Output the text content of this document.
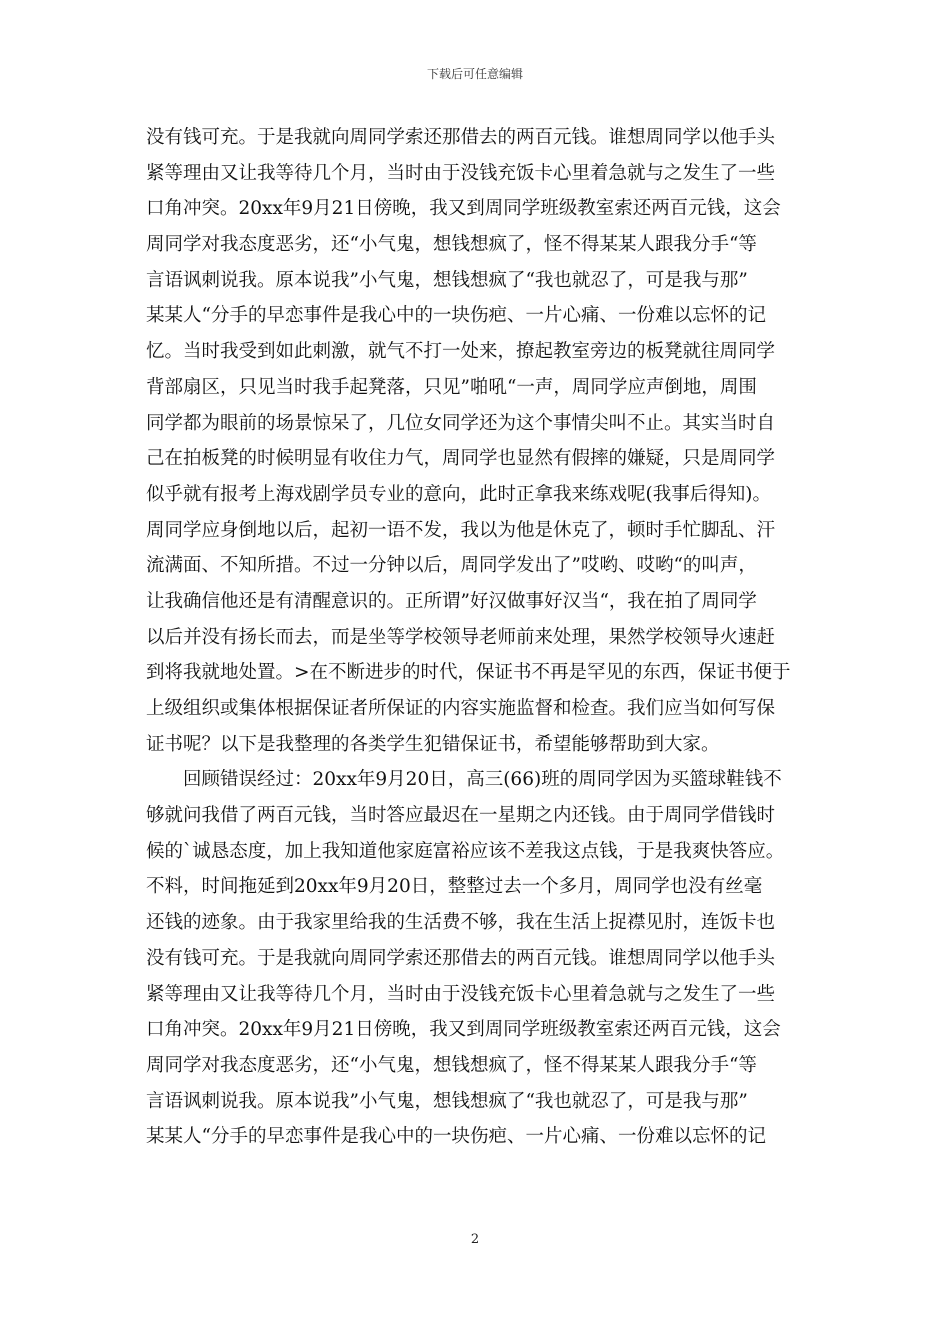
下载后可任意编辑
没有钱可充。于是我就向周同学索还那借去的两百元钱。谁想周同学以他手头
紧等理由又让我等待几个月，当时由于没钱充饭卡心里着急就与之发生了一些
口角冲突。20xx年9月21日傍晚，我又到周同学班级教室索还两百元钱，这会
周同学对我态度恶劣，还“小气鬼，想钱想疯了，怪不得某某人跟我分手“等
言语讽刺说我。原本说我”小气鬼，想钱想疯了“我也就忍了，可是我与那”
某某人“分手的早恋事件是我心中的一块伤疤、一片心痛、一份难以忘怀的记
忆。当时我受到如此刺激，就气不打一处来，撩起教室旁边的板凳就往周同学
背部扇区，只见当时我手起凳落，只见”啪吼“一声，周同学应声倒地，周围
同学都为眼前的场景惊呆了，几位女同学还为这个事情尖叫不止。其实当时自
己在拍板凳的时候明显有收住力气，周同学也显然有假摔的嫌疑，只是周同学
似乎就有报考上海戏剧学员专业的意向，此时正拿我来练戏呢(我事后得知)。
周同学应身倒地以后，起初一语不发，我以为他是休克了，顿时手忙脚乱、汗
流满面、不知所措。不过一分钟以后，周同学发出了”哎哟、哎哟“的叫声，
让我确信他还是有清醒意识的。正所谓”好汉做事好汉当“，我在拍了周同学
以后并没有扬长而去，而是坐等学校领导老师前来处理，果然学校领导火速赶
到将我就地处置。>在不断进步的时代，保证书不再是罕见的东西，保证书便于
上级组织或集体根据保证者所保证的内容实施监督和检查。我们应当如何写保
证书呢？以下是我整理的各类学生犯错保证书，希望能够帮助到大家。
回顾错误经过：20xx年9月20日，高三(66)班的周同学因为买篮球鞋钱不
够就问我借了两百元钱，当时答应最迟在一星期之内还钱。由于周同学借钱时
候的`诚恳态度，加上我知道他家庭富裕应该不差我这点钱，于是我爽快答应。
不料，时间拖延到20xx年9月20日，整整过去一个多月，周同学也没有丝毫
还钱的迹象。由于我家里给我的生活费不够，我在生活上捉襟见肘，连饭卡也
没有钱可充。于是我就向周同学索还那借去的两百元钱。谁想周同学以他手头
紧等理由又让我等待几个月，当时由于没钱充饭卡心里着急就与之发生了一些
口角冲突。20xx年9月21日傍晚，我又到周同学班级教室索还两百元钱，这会
周同学对我态度恶劣，还“小气鬼，想钱想疯了，怪不得某某人跟我分手“等
言语讽刺说我。原本说我”小气鬼，想钱想疯了“我也就忍了，可是我与那”
某某人“分手的早恋事件是我心中的一块伤疤、一片心痛、一份难以忘怀的记
2
